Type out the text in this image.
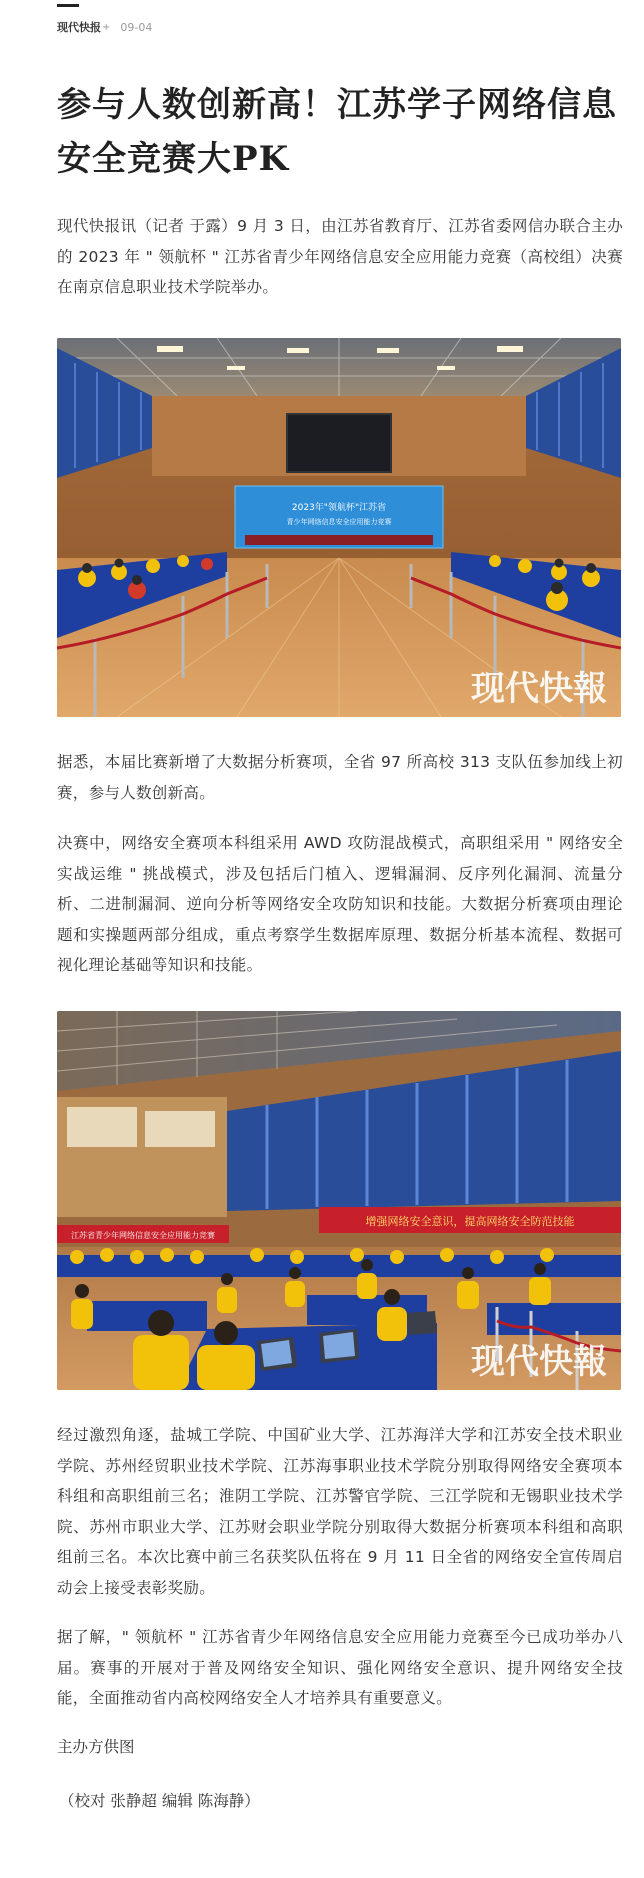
现代快报 + 09-04
参与人数创新高！江苏学子网络信息安全竞赛大PK

现代快报讯（记者 于露）9 月 3 日，由江苏省教育厅、江苏省委网信办联合主办的 2023 年 " 领航杯 " 江苏省青少年网络信息安全应用能力竞赛（高校组）决赛在南京信息职业技术学院举办。

2023年"领航杯"江苏省
青少年网络信息安全应用能力竞赛
现代快報

据悉，本届比赛新增了大数据分析赛项，全省 97 所高校 313 支队伍参加线上初赛，参与人数创新高。

决赛中，网络安全赛项本科组采用 AWD 攻防混战模式，高职组采用 " 网络安全实战运维 " 挑战模式，涉及包括后门植入、逻辑漏洞、反序列化漏洞、流量分析、二进制漏洞、逆向分析等网络安全攻防知识和技能。大数据分析赛项由理论题和实操题两部分组成，重点考察学生数据库原理、数据分析基本流程、数据可视化理论基础等知识和技能。

江苏省青少年网络信息安全应用能力竞赛
增强网络安全意识，提高网络安全防范技能
现代快報

经过激烈角逐，盐城工学院、中国矿业大学、江苏海洋大学和江苏安全技术职业学院、苏州经贸职业技术学院、江苏海事职业技术学院分别取得网络安全赛项本科组和高职组前三名；淮阴工学院、江苏警官学院、三江学院和无锡职业技术学院、苏州市职业大学、江苏财会职业学院分别取得大数据分析赛项本科组和高职组前三名。本次比赛中前三名获奖队伍将在 9 月 11 日全省的网络安全宣传周启动会上接受表彰奖励。

据了解，" 领航杯 " 江苏省青少年网络信息安全应用能力竞赛至今已成功举办八届。赛事的开展对于普及网络安全知识、强化网络安全意识、提升网络安全技能，全面推动省内高校网络安全人才培养具有重要意义。

主办方供图
（校对 张静超 编辑 陈海静）
